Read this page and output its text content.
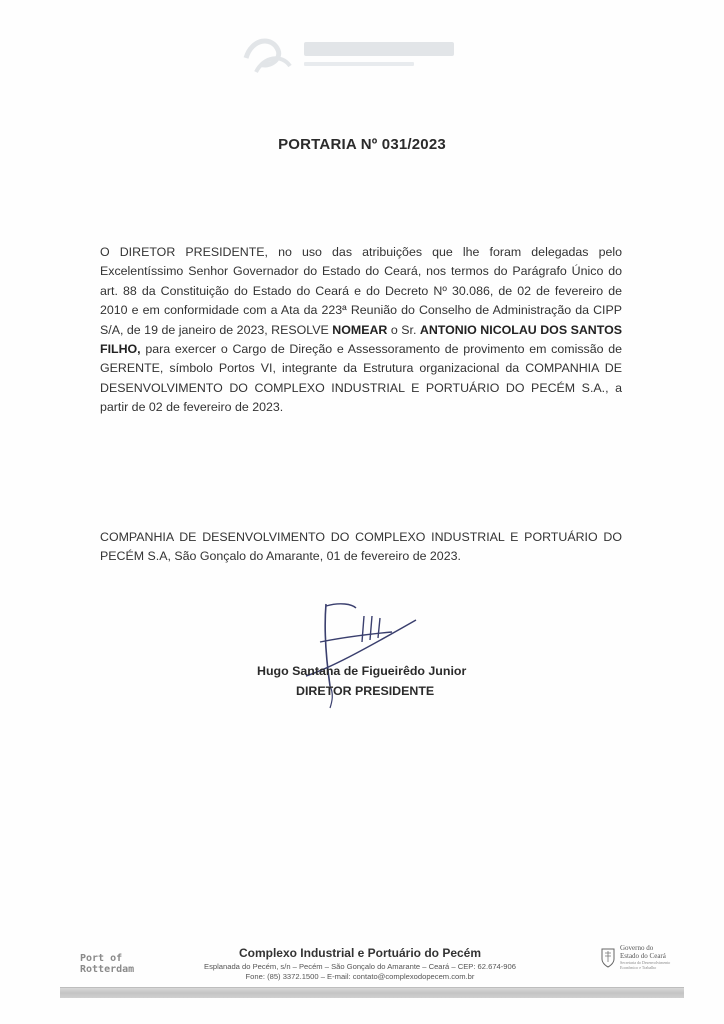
PORTARIA Nº 031/2023
O DIRETOR PRESIDENTE, no uso das atribuições que lhe foram delegadas pelo Excelentíssimo Senhor Governador do Estado do Ceará, nos termos do Parágrafo Único do art. 88 da Constituição do Estado do Ceará e do Decreto Nº 30.086, de 02 de fevereiro de 2010 e em conformidade com a Ata da 223ª Reunião do Conselho de Administração da CIPP S/A, de 19 de janeiro de 2023, RESOLVE NOMEAR o Sr. ANTONIO NICOLAU DOS SANTOS FILHO, para exercer o Cargo de Direção e Assessoramento de provimento em comissão de GERENTE, símbolo Portos VI, integrante da Estrutura organizacional da COMPANHIA DE DESENVOLVIMENTO DO COMPLEXO INDUSTRIAL E PORTUÁRIO DO PECÉM S.A., a partir de 02 de fevereiro de 2023.
COMPANHIA DE DESENVOLVIMENTO DO COMPLEXO INDUSTRIAL E PORTUÁRIO DO PECÉM S.A, São Gonçalo do Amarante, 01 de fevereiro de 2023.
Hugo Santana de Figueirêdo Junior
DIRETOR PRESIDENTE
Port of
Rotterdam
Complexo Industrial e Portuário do Pecém
Esplanada do Pecém, s/n – Pecém – São Gonçalo do Amarante – Ceará – CEP: 62.674-906
Fone: (85) 3372.1500 – E-mail: contato@complexodopecem.com.br
Governo do
Estado do Ceará
Secretaria do Desenvolvimento
Econômico e Trabalho
